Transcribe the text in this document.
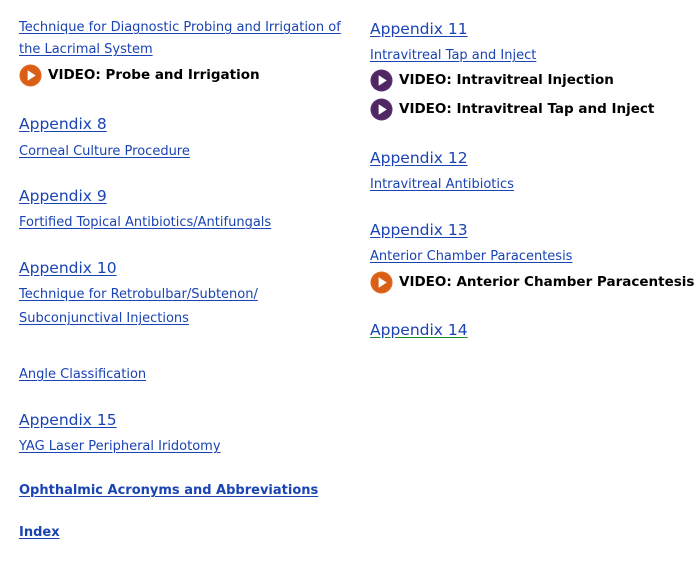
Technique for Diagnostic Probing and Irrigation of
the Lacrimal System
VIDEO: Probe and Irrigation
Appendix 8
Corneal Culture Procedure
Appendix 9
Fortified Topical Antibiotics/Antifungals
Appendix 10
Technique for Retrobulbar/Subtenon/
Subconjunctival Injections
Angle Classification
Appendix 15
YAG Laser Peripheral Iridotomy
Ophthalmic Acronyms and Abbreviations
Index
Appendix 11
Intravitreal Tap and Inject
VIDEO: Intravitreal Injection
VIDEO: Intravitreal Tap and Inject
Appendix 12
Intravitreal Antibiotics
Appendix 13
Anterior Chamber Paracentesis
VIDEO: Anterior Chamber Paracentesis
Appendix 14
